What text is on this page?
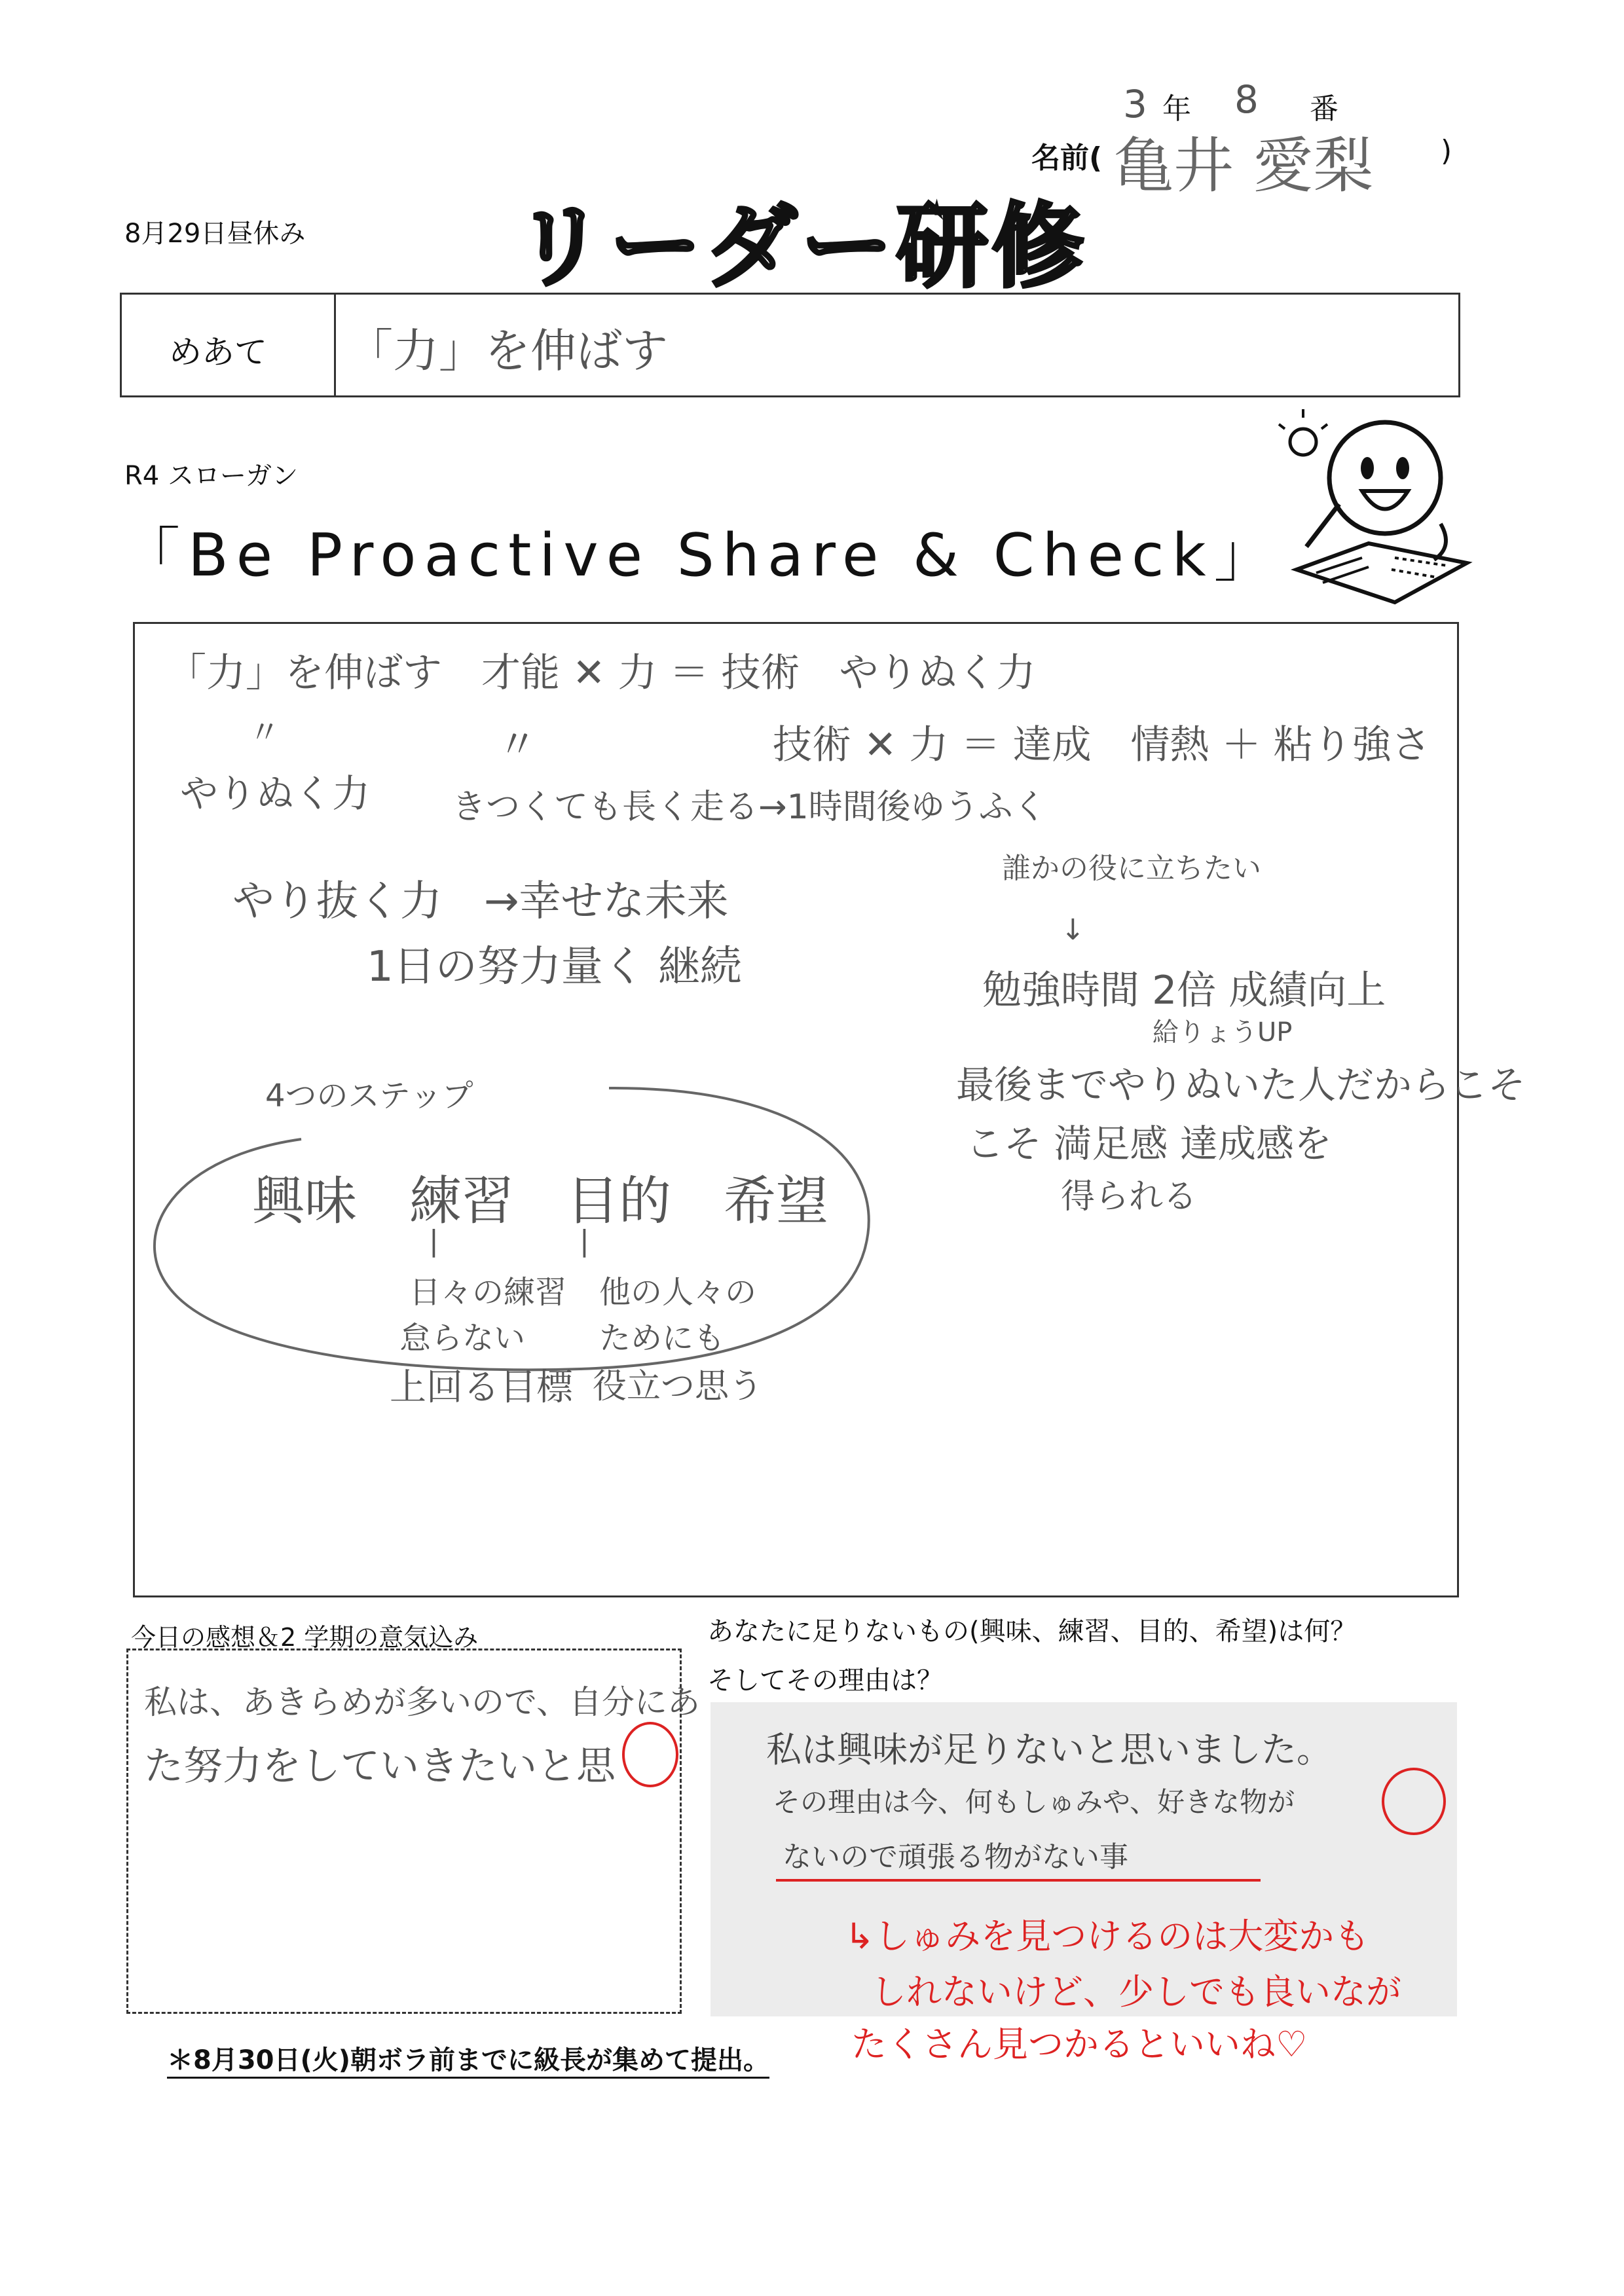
3 年 8 番
名前( 亀井 愛梨 )
8月29日昼休み リーダー研修
めあて 「力」を伸ばす
R4 スローガン
「Be Proactive Share & Check」
「力」を伸ばす　才能 ✕ 力 ＝ 技術　やりぬく力
〃	〃　　　　　　技術 ✕ 力 ＝ 達成　情熱 ＋ 粘り強さ
やりぬく力 きつくても長く走る→1時間後ゆうふく
やり抜く力　→幸せな未来
1日の努力量く 継続
誰かの役に立ちたい
↓
勉強時間 2倍 成績向上
給りょうUP
最後までやりぬいた人だからこそ
こそ 満足感 達成感を
得られる
4つのステップ
興味　練習　目的　希望
|	|
日々の練習
怠らない
上回る目標
他の人々の
ためにも
役立つ思う
今日の感想＆2 学期の意気込み
私は、あきらめが多いので、自分にあ
た努力をしていきたいと思
あなたに足りないもの(興味、練習、目的、希望)は何？
そしてその理由は？
私は興味が足りないと思いました。
その理由は今、何もしゅみや、好きな物が
ないので頑張る物がない事
↳しゅみを見つけるのは大変かも
しれないけど、少しでも良いなが
たくさん見つかるといいね♡
＊8月30日(火)朝ボラ前までに級長が集めて提出。
